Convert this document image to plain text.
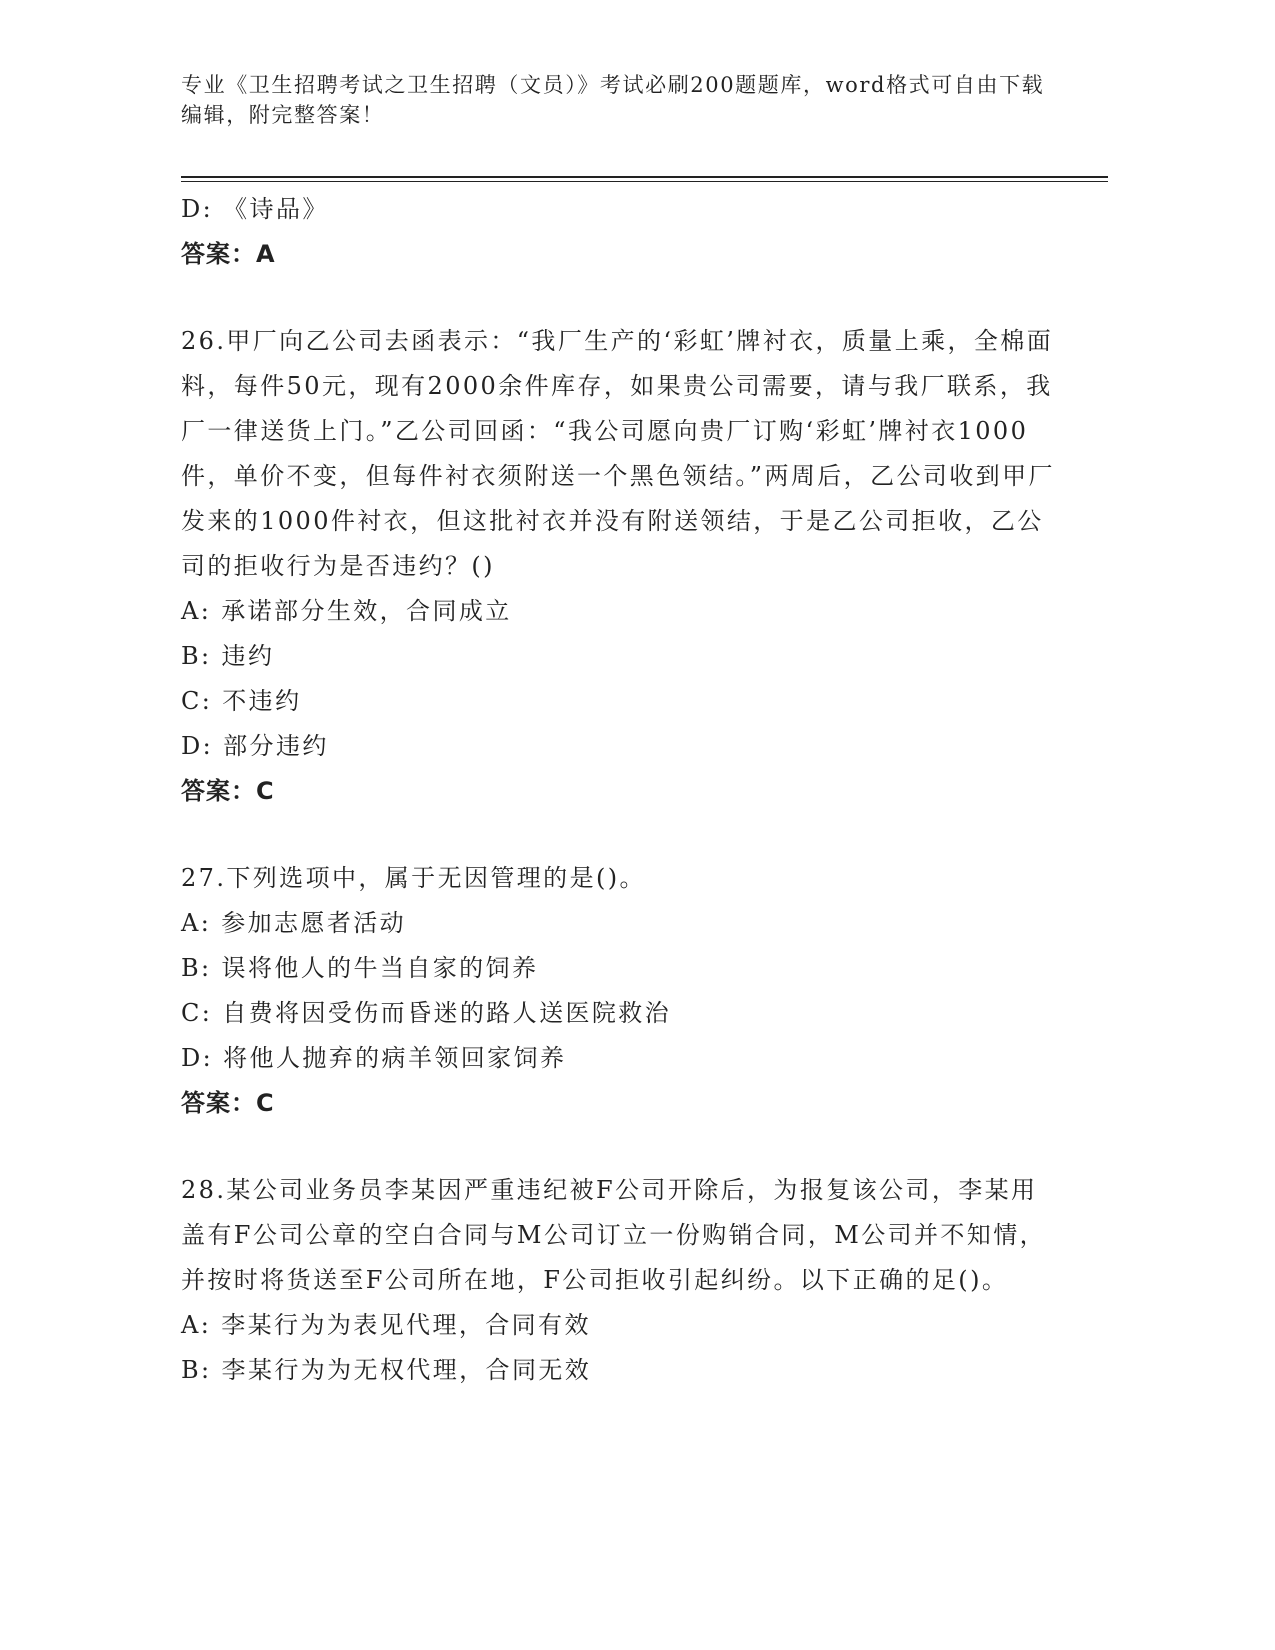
专业《卫生招聘考试之卫生招聘（文员）》考试必刷200题题库，word格式可自由下载编辑，附完整答案！
D: 《诗品》
答案：A
26.甲厂向乙公司去函表示：“我厂生产的‘彩虹’牌衬衣，质量上乘，全棉面料，每件50元，现有2000余件库存，如果贵公司需要，请与我厂联系，我厂一律送货上门。”乙公司回函：“我公司愿向贵厂订购‘彩虹’牌衬衣1000件，单价不变，但每件衬衣须附送一个黑色领结。”两周后，乙公司收到甲厂发来的1000件衬衣，但这批衬衣并没有附送领结，于是乙公司拒收，乙公司的拒收行为是否违约？()
A: 承诺部分生效，合同成立
B: 违约
C: 不违约
D: 部分违约
答案：C
27.下列选项中，属于无因管理的是()。
A: 参加志愿者活动
B: 误将他人的牛当自家的饲养
C: 自费将因受伤而昏迷的路人送医院救治
D: 将他人抛弃的病羊领回家饲养
答案：C
28.某公司业务员李某因严重违纪被F公司开除后，为报复该公司，李某用盖有F公司公章的空白合同与M公司订立一份购销合同，M公司并不知情，并按时将货送至F公司所在地，F公司拒收引起纠纷。以下正确的足()。
A: 李某行为为表见代理，合同有效
B: 李某行为为无权代理，合同无效
